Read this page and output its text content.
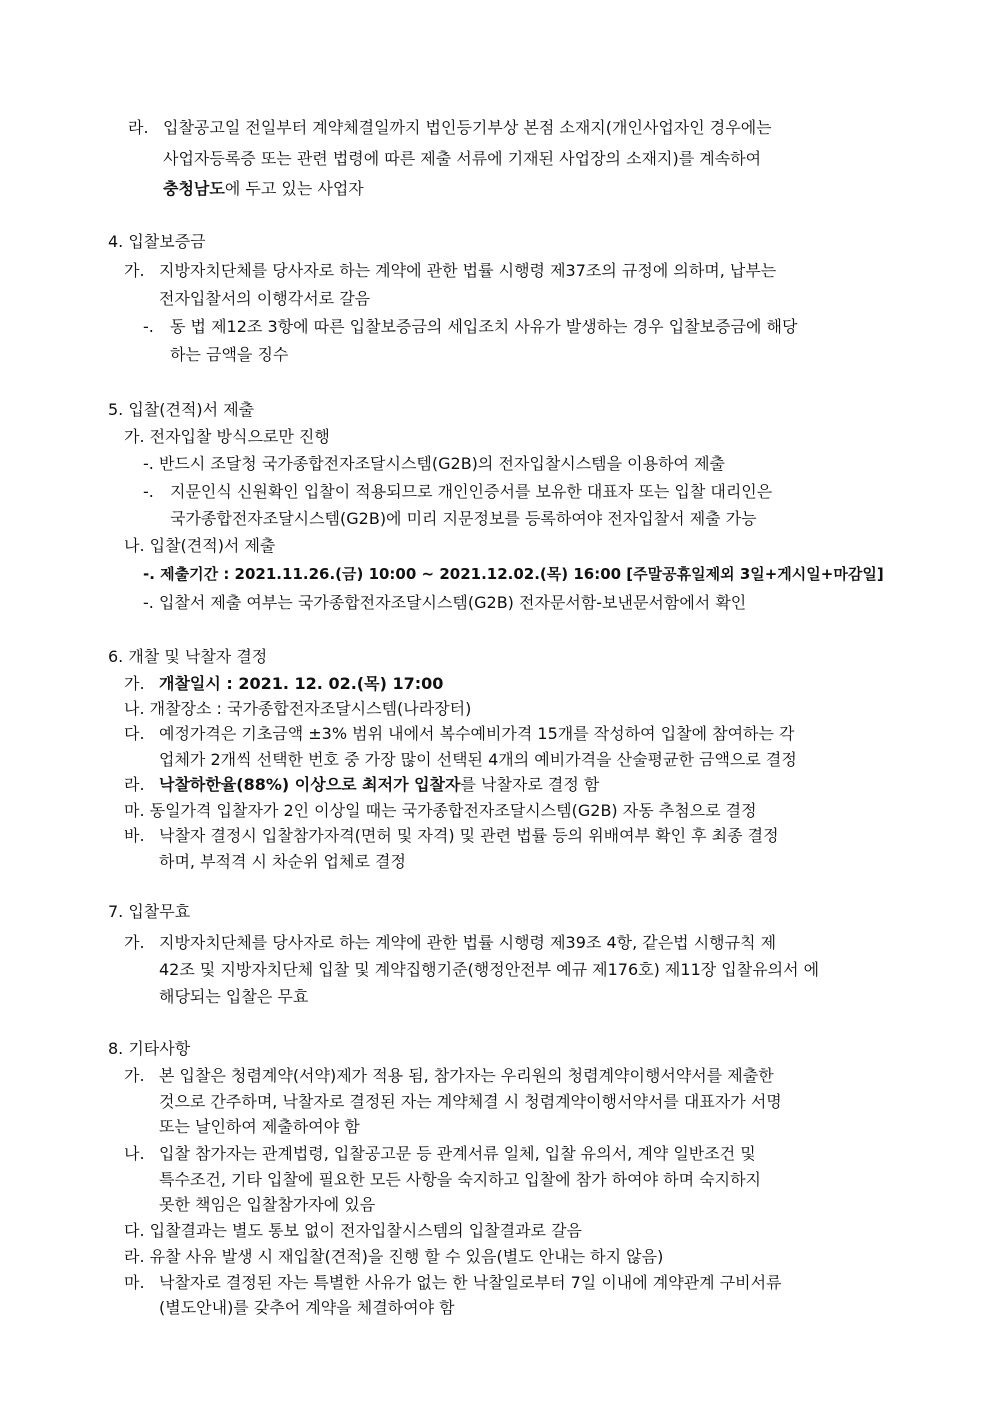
라. 입찰공고일 전일부터 계약체결일까지 법인등기부상 본점 소재지(개인사업자인 경우에는
사업자등록증 또는 관련 법령에 따른 제출 서류에 기재된 사업장의 소재지)를 계속하여
충청남도에 두고 있는 사업자
4. 입찰보증금
가. 지방자치단체를 당사자로 하는 계약에 관한 법률 시행령 제37조의 규정에 의하며, 납부는
전자입찰서의 이행각서로 갈음
-. 동 법 제12조 3항에 따른 입찰보증금의 세입조치 사유가 발생하는 경우 입찰보증금에 해당
하는 금액을 징수
5. 입찰(견적)서 제출
가. 전자입찰 방식으로만 진행
-. 반드시 조달청 국가종합전자조달시스템(G2B)의 전자입찰시스템을 이용하여 제출
-. 지문인식 신원확인 입찰이 적용되므로 개인인증서를 보유한 대표자 또는 입찰 대리인은
국가종합전자조달시스템(G2B)에 미리 지문정보를 등록하여야 전자입찰서 제출 가능
나. 입찰(견적)서 제출
-. 제출기간 : 2021.11.26.(금) 10:00 ~ 2021.12.02.(목) 16:00 [주말공휴일제외 3일+게시일+마감일]
-. 입찰서 제출 여부는 국가종합전자조달시스템(G2B) 전자문서함-보낸문서함에서 확인
6. 개찰 및 낙찰자 결정
가. 개찰일시 : 2021. 12. 02.(목) 17:00
나. 개찰장소 : 국가종합전자조달시스템(나라장터)
다. 예정가격은 기초금액 ±3% 범위 내에서 복수예비가격 15개를 작성하여 입찰에 참여하는 각
업체가 2개씩 선택한 번호 중 가장 많이 선택된 4개의 예비가격을 산술평균한 금액으로 결정
라. 낙찰하한율(88%) 이상으로 최저가 입찰자를 낙찰자로 결정 함
마. 동일가격 입찰자가 2인 이상일 때는 국가종합전자조달시스템(G2B) 자동 추첨으로 결정
바. 낙찰자 결정시 입찰참가자격(면허 및 자격) 및 관련 법률 등의 위배여부 확인 후 최종 결정
하며, 부적격 시 차순위 업체로 결정
7. 입찰무효
가. 지방자치단체를 당사자로 하는 계약에 관한 법률 시행령 제39조 4항, 같은법 시행규칙 제
42조 및 지방자치단체 입찰 및 계약집행기준(행정안전부 예규 제176호) 제11장 입찰유의서 에
해당되는 입찰은 무효
8. 기타사항
가. 본 입찰은 청렴계약(서약)제가 적용 됨, 참가자는 우리원의 청렴계약이행서약서를 제출한
것으로 간주하며, 낙찰자로 결정된 자는 계약체결 시 청렴계약이행서약서를 대표자가 서명
또는 날인하여 제출하여야 함
나. 입찰 참가자는 관계법령, 입찰공고문 등 관계서류 일체, 입찰 유의서, 계약 일반조건 및
특수조건, 기타 입찰에 필요한 모든 사항을 숙지하고 입찰에 참가 하여야 하며 숙지하지
못한 책임은 입찰참가자에 있음
다. 입찰결과는 별도 통보 없이 전자입찰시스템의 입찰결과로 갈음
라. 유찰 사유 발생 시 재입찰(견적)을 진행 할 수 있음(별도 안내는 하지 않음)
마. 낙찰자로 결정된 자는 특별한 사유가 없는 한 낙찰일로부터 7일 이내에 계약관계 구비서류
(별도안내)를 갖추어 계약을 체결하여야 함
